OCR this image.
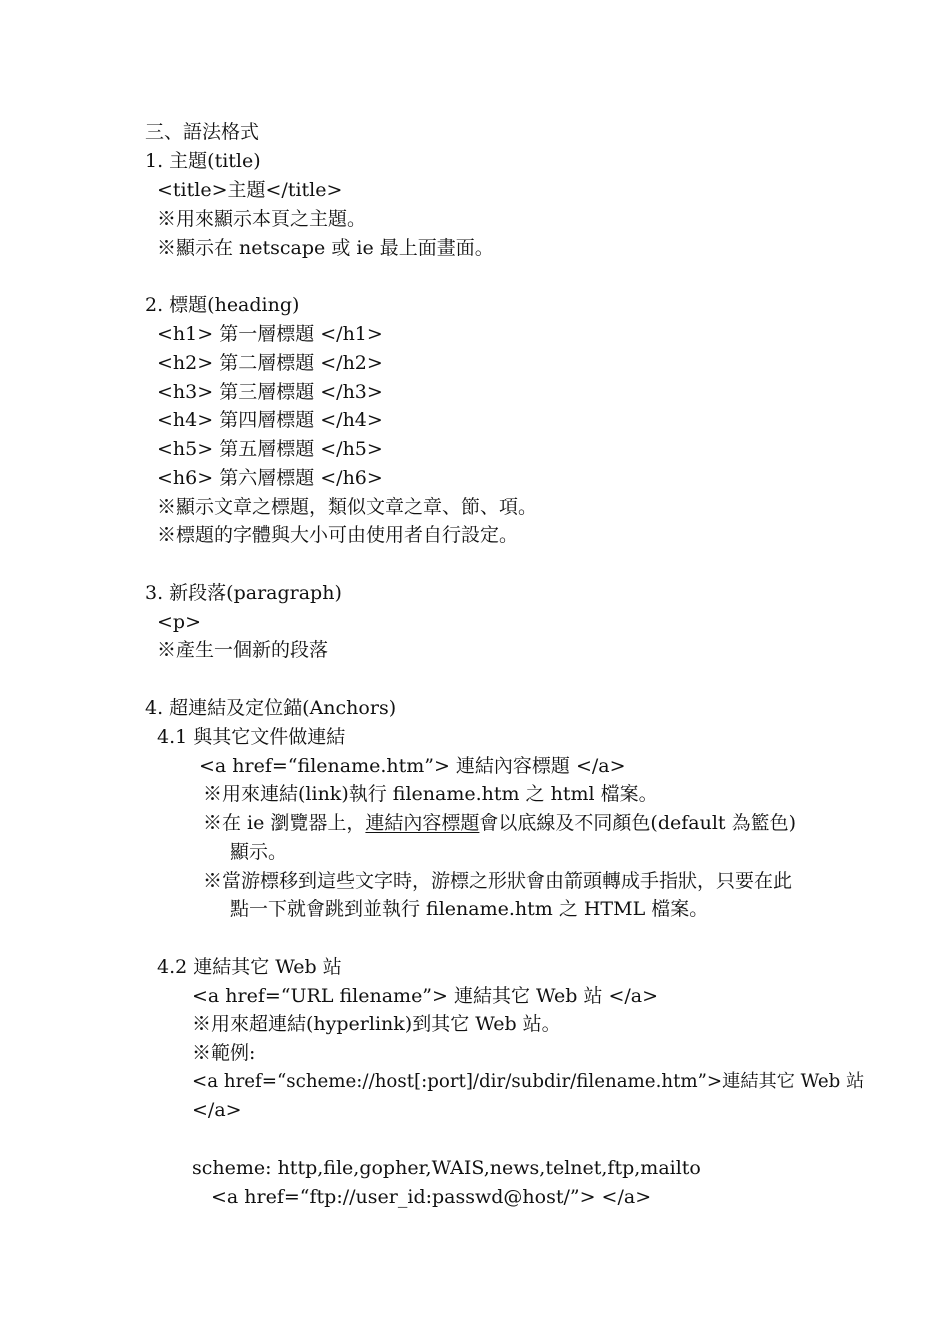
三、語法格式
1. 主題(title)
<title>主題</title>
※用來顯示本頁之主題。
※顯示在 netscape 或 ie 最上面畫面。
2. 標題(heading)
<h1> 第一層標題 </h1>
<h2> 第二層標題 </h2>
<h3> 第三層標題 </h3>
<h4> 第四層標題 </h4>
<h5> 第五層標題 </h5>
<h6> 第六層標題 </h6>
※顯示文章之標題，類似文章之章、節、項。
※標題的字體與大小可由使用者自行設定。
3. 新段落(paragraph)
<p>
※產生一個新的段落
4. 超連結及定位錨(Anchors)
4.1 與其它文件做連結
<a href=“filename.htm”> 連結內容標題 </a>
※用來連結(link)執行 filename.htm 之 html 檔案。
※在 ie 瀏覽器上，連結內容標題會以底線及不同顏色(default 為籃色)
顯示。
※當游標移到這些文字時，游標之形狀會由箭頭轉成手指狀，只要在此
點一下就會跳到並執行 filename.htm 之 HTML 檔案。
4.2 連結其它 Web 站
<a href=“URL filename”> 連結其它 Web 站 </a>
※用來超連結(hyperlink)到其它 Web 站。
※範例:
<a href=“scheme://host[:port]/dir/subdir/filename.htm”>連結其它 Web 站
</a>
scheme: http,file,gopher,WAIS,news,telnet,ftp,mailto
<a href=“ftp://user_id:passwd@host/”> </a>
